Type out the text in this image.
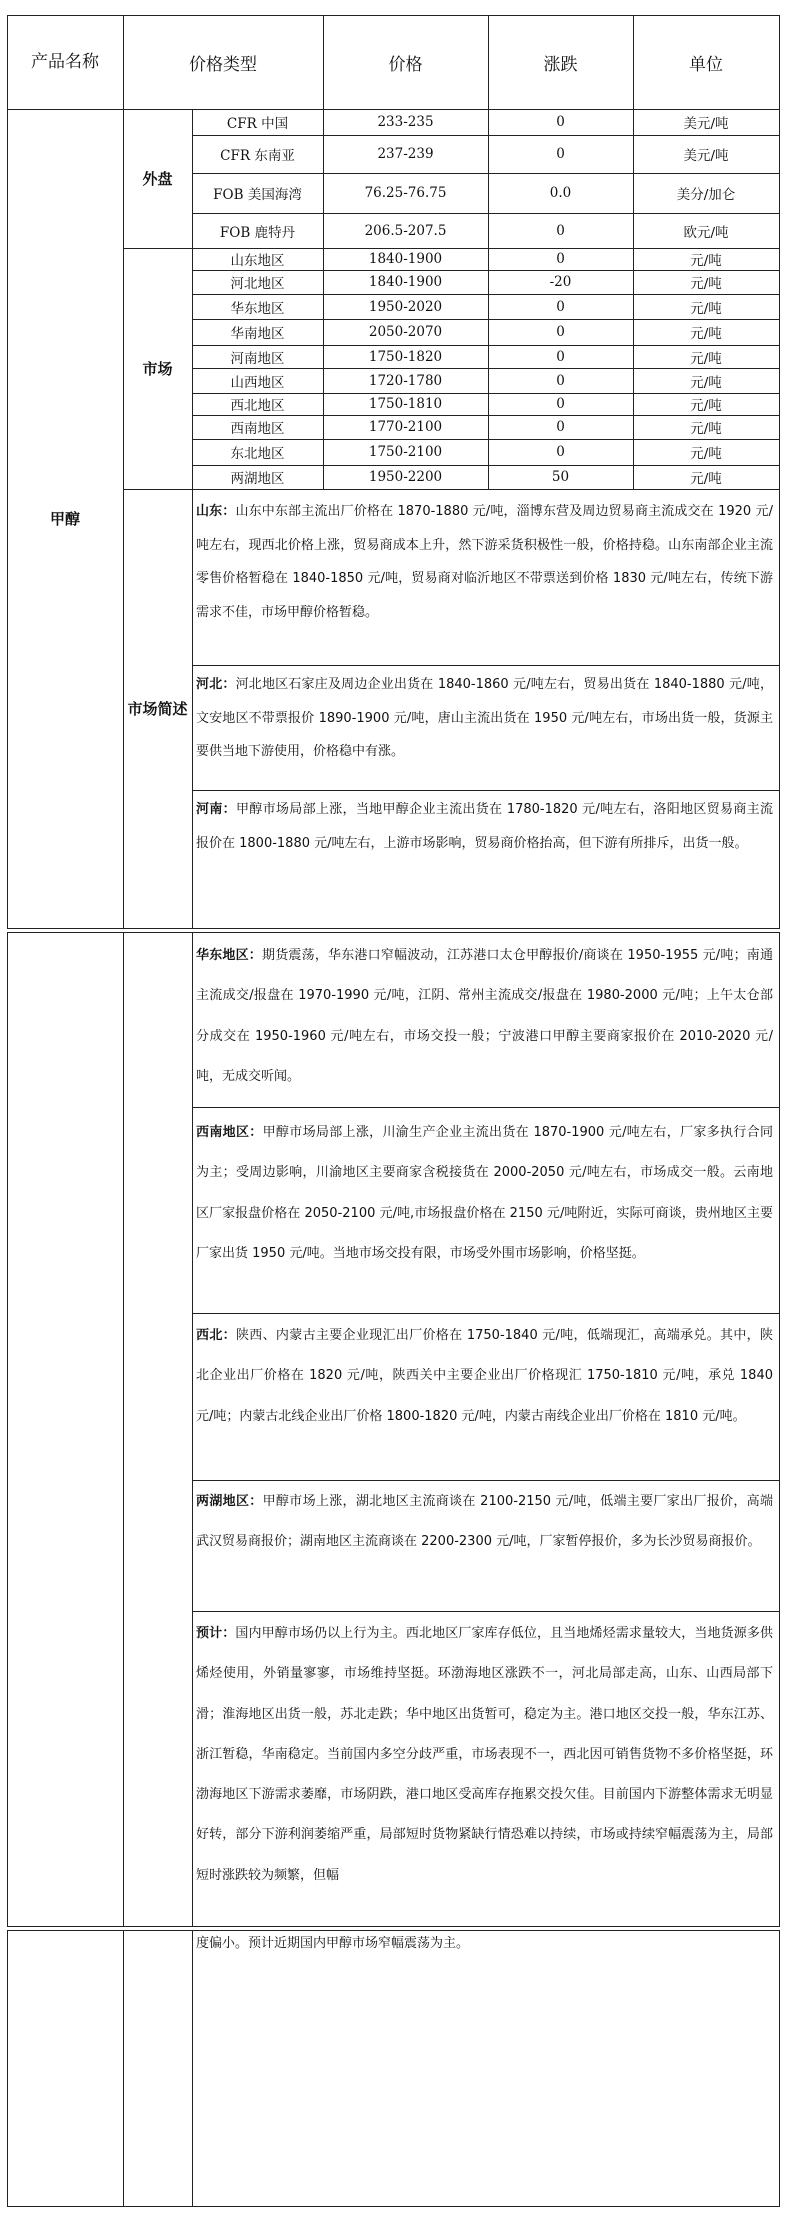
产品名称	价格类型	价格	涨跌	单位
甲醇
外盘
CFR 中国	233-235	0	美元/吨
CFR 东南亚	237-239	0	美元/吨
FOB 美国海湾	76.25-76.75	0.0	美分/加仑
FOB 鹿特丹	206.5-207.5	0	欧元/吨
市场
山东地区	1840-1900	0	元/吨
河北地区	1840-1900	-20	元/吨
华东地区	1950-2020	0	元/吨
华南地区	2050-2070	0	元/吨
河南地区	1750-1820	0	元/吨
山西地区	1720-1780	0	元/吨
西北地区	1750-1810	0	元/吨
西南地区	1770-2100	0	元/吨
东北地区	1750-2100	0	元/吨
两湖地区	1950-2200	50	元/吨
市场简述
山东：山东中东部主流出厂价格在 1870-1880 元/吨，淄博东营及周边贸易商主流成交在 1920 元/吨左右，现西北价格上涨，贸易商成本上升，然下游采货积极性一般，价格持稳。山东南部企业主流零售价格暂稳在 1840-1850 元/吨，贸易商对临沂地区不带票送到价格 1830 元/吨左右，传统下游需求不佳，市场甲醇价格暂稳。
河北：河北地区石家庄及周边企业出货在 1840-1860 元/吨左右，贸易出货在 1840-1880 元/吨，文安地区不带票报价 1890-1900 元/吨，唐山主流出货在 1950 元/吨左右，市场出货一般，货源主要供当地下游使用，价格稳中有涨。
河南：甲醇市场局部上涨，当地甲醇企业主流出货在 1780-1820 元/吨左右，洛阳地区贸易商主流报价在 1800-1880 元/吨左右，上游市场影响，贸易商价格抬高，但下游有所排斥，出货一般。
华东地区：期货震荡，华东港口窄幅波动，江苏港口太仓甲醇报价/商谈在 1950-1955 元/吨；南通主流成交/报盘在 1970-1990 元/吨，江阴、常州主流成交/报盘在 1980-2000 元/吨；上午太仓部分成交在 1950-1960 元/吨左右，市场交投一般；宁波港口甲醇主要商家报价在 2010-2020 元/吨，无成交听闻。
西南地区：甲醇市场局部上涨，川渝生产企业主流出货在 1870-1900 元/吨左右，厂家多执行合同为主；受周边影响，川渝地区主要商家含税接货在 2000-2050 元/吨左右，市场成交一般。云南地区厂家报盘价格在 2050-2100 元/吨,市场报盘价格在 2150 元/吨附近，实际可商谈，贵州地区主要厂家出货 1950 元/吨。当地市场交投有限，市场受外围市场影响，价格坚挺。
西北：陕西、内蒙古主要企业现汇出厂价格在 1750-1840 元/吨，低端现汇，高端承兑。其中，陕北企业出厂价格在 1820 元/吨，陕西关中主要企业出厂价格现汇 1750-1810 元/吨，承兑 1840 元/吨；内蒙古北线企业出厂价格 1800-1820 元/吨，内蒙古南线企业出厂价格在 1810 元/吨。
两湖地区：甲醇市场上涨，湖北地区主流商谈在 2100-2150 元/吨，低端主要厂家出厂报价，高端武汉贸易商报价；湖南地区主流商谈在 2200-2300 元/吨，厂家暂停报价，多为长沙贸易商报价。
预计：国内甲醇市场仍以上行为主。西北地区厂家库存低位，且当地烯烃需求量较大，当地货源多供烯烃使用，外销量寥寥，市场维持坚挺。环渤海地区涨跌不一，河北局部走高，山东、山西局部下滑；淮海地区出货一般，苏北走跌；华中地区出货暂可，稳定为主。港口地区交投一般，华东江苏、浙江暂稳，华南稳定。当前国内多空分歧严重，市场表现不一，西北因可销售货物不多价格坚挺，环渤海地区下游需求萎靡，市场阴跌，港口地区受高库存拖累交投欠佳。目前国内下游整体需求无明显好转，部分下游利润萎缩严重，局部短时货物紧缺行情恐难以持续，市场或持续窄幅震荡为主，局部短时涨跌较为频繁，但幅
度偏小。预计近期国内甲醇市场窄幅震荡为主。
